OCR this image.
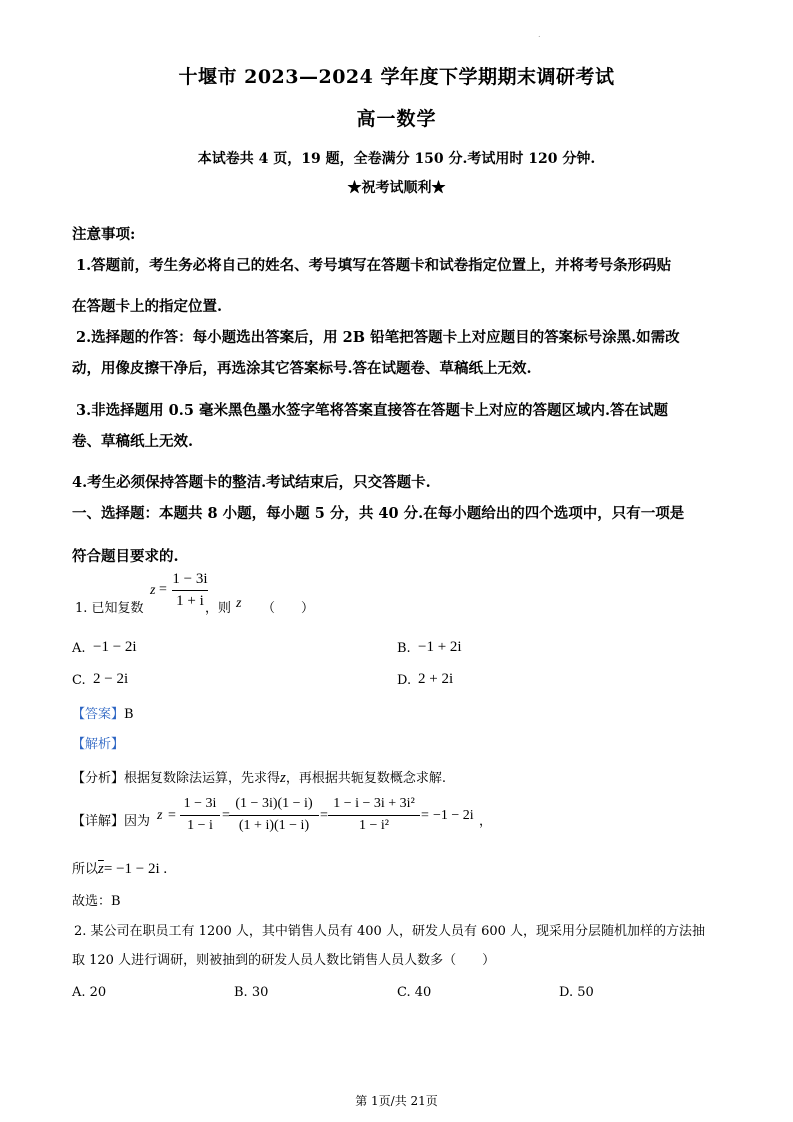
.
十堰市 2023—2024 学年度下学期期末调研考试
高一数学
本试卷共 4 页，19 题，全卷满分 150 分.考试用时 120 分钟.
★祝考试顺利★
注意事项:
1.答题前，考生务必将自己的姓名、考号填写在答题卡和试卷指定位置上，并将考号条形码贴
在答题卡上的指定位置.
2.选择题的作答：每小题选出答案后，用 2B 铅笔把答题卡上对应题目的答案标号涂黑.如需改
动，用像皮擦干净后，再选涂其它答案标号.答在试题卷、草稿纸上无效.
3.非选择题用 0.5 毫米黑色墨水签字笔将答案直接答在答题卡上对应的答题区域内.答在试题
卷、草稿纸上无效.
4.考生必须保持答题卡的整洁.考试结束后，只交答题卡.
一、选择题：本题共 8 小题，每小题 5 分，共 40 分.在每小题给出的四个选项中，只有一项是
符合题目要求的.
1. 已知复数
z =
1 − 3i
1 + i ，则 z （　　）
A. −1 − 2i	B. −1 + 2i
C. 2 − 2i	D. 2 + 2i
【答案】B
【解析】
【分析】根据复数除法运算，先求得z，再根据共轭复数概念求解.
【详解】因为 z =
1 − 3i
1 − i
=
(1 − 3i)(1 − i)
(1 + i)(1 − i)
=
1 − i − 3i + 3i²
1 − i²
= −1 − 2i ，
所以$\overline{z}= -1 - 2i$ .
故选：B
2. 某公司在职员工有 1200 人，其中销售人员有 400 人，研发人员有 600 人，现采用分层随机加样的方法抽
取 120 人进行调研，则被抽到的研发人员人数比销售人员人数多（　　）
A. 20	B. 30	C. 40	D. 50
第 1页/共 21页
